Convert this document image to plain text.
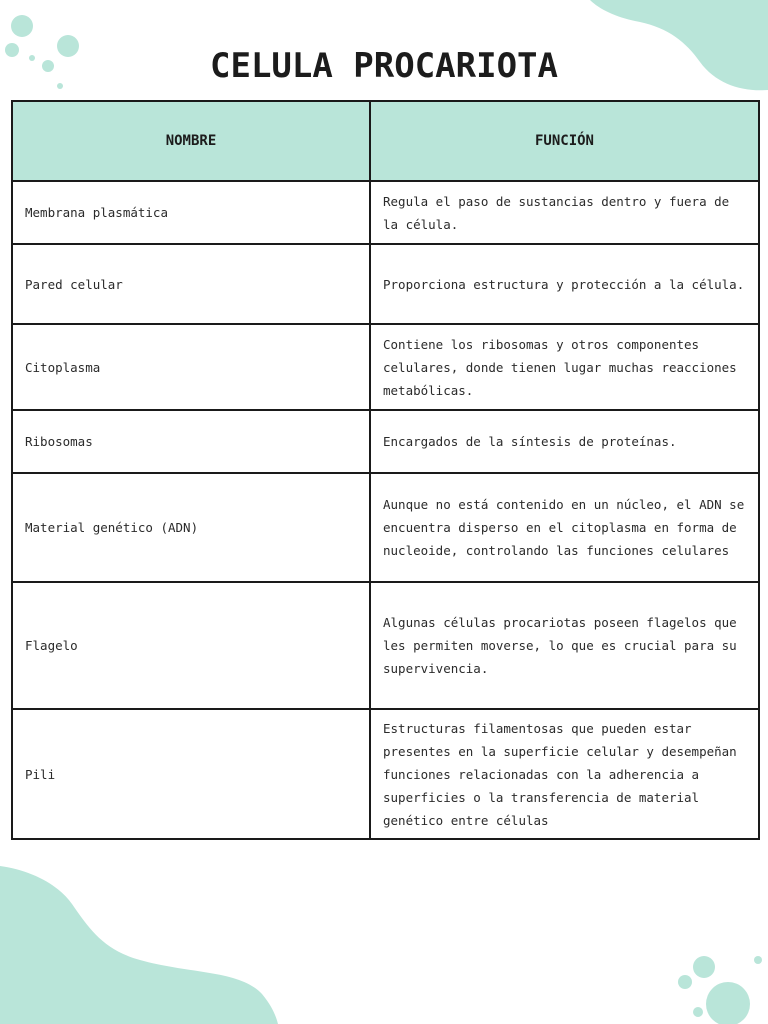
CELULA PROCARIOTA
NOMBRE	FUNCIÓN
Membrana plasmática	Regula el paso de sustancias dentro y fuera de la célula.
Pared celular	Proporciona estructura y protección a la célula.
Citoplasma	Contiene los ribosomas y otros componentes celulares, donde tienen lugar muchas reacciones metabólicas.
Ribosomas	Encargados de la síntesis de proteínas.
Material genético (ADN)	Aunque no está contenido en un núcleo, el ADN se encuentra disperso en el citoplasma en forma de nucleoide, controlando las funciones celulares
Flagelo	Algunas células procariotas poseen flagelos que les permiten moverse, lo que es crucial para su supervivencia.
Pili	Estructuras filamentosas que pueden estar presentes en la superficie celular y desempeñan funciones relacionadas con la adherencia a superficies o la transferencia de material genético entre células
